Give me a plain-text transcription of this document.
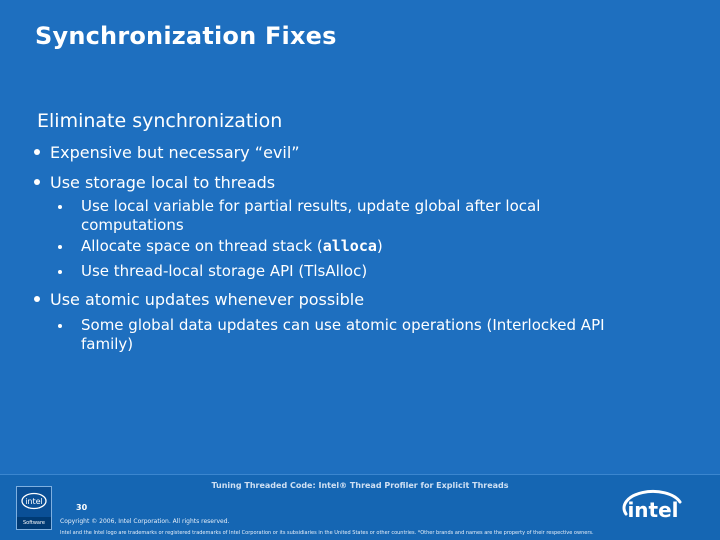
Synchronization Fixes
Eliminate synchronization
Expensive but necessary “evil”
Use storage local to threads
Use local variable for partial results, update global after local
computations
Allocate space on thread stack (alloca)
Use thread-local storage API (TlsAlloc)
Use atomic updates whenever possible
Some global data updates can use atomic operations (Interlocked API
family)
Tuning Threaded Code: Intel® Thread Profiler for Explicit Threads
30
Copyright © 2006, Intel Corporation. All rights reserved.
Intel and the Intel logo are trademarks or registered trademarks of Intel Corporation or its subsidiaries in the United States or other countries. *Other brands and names are the property of their respective owners.
intel
Software
intel
